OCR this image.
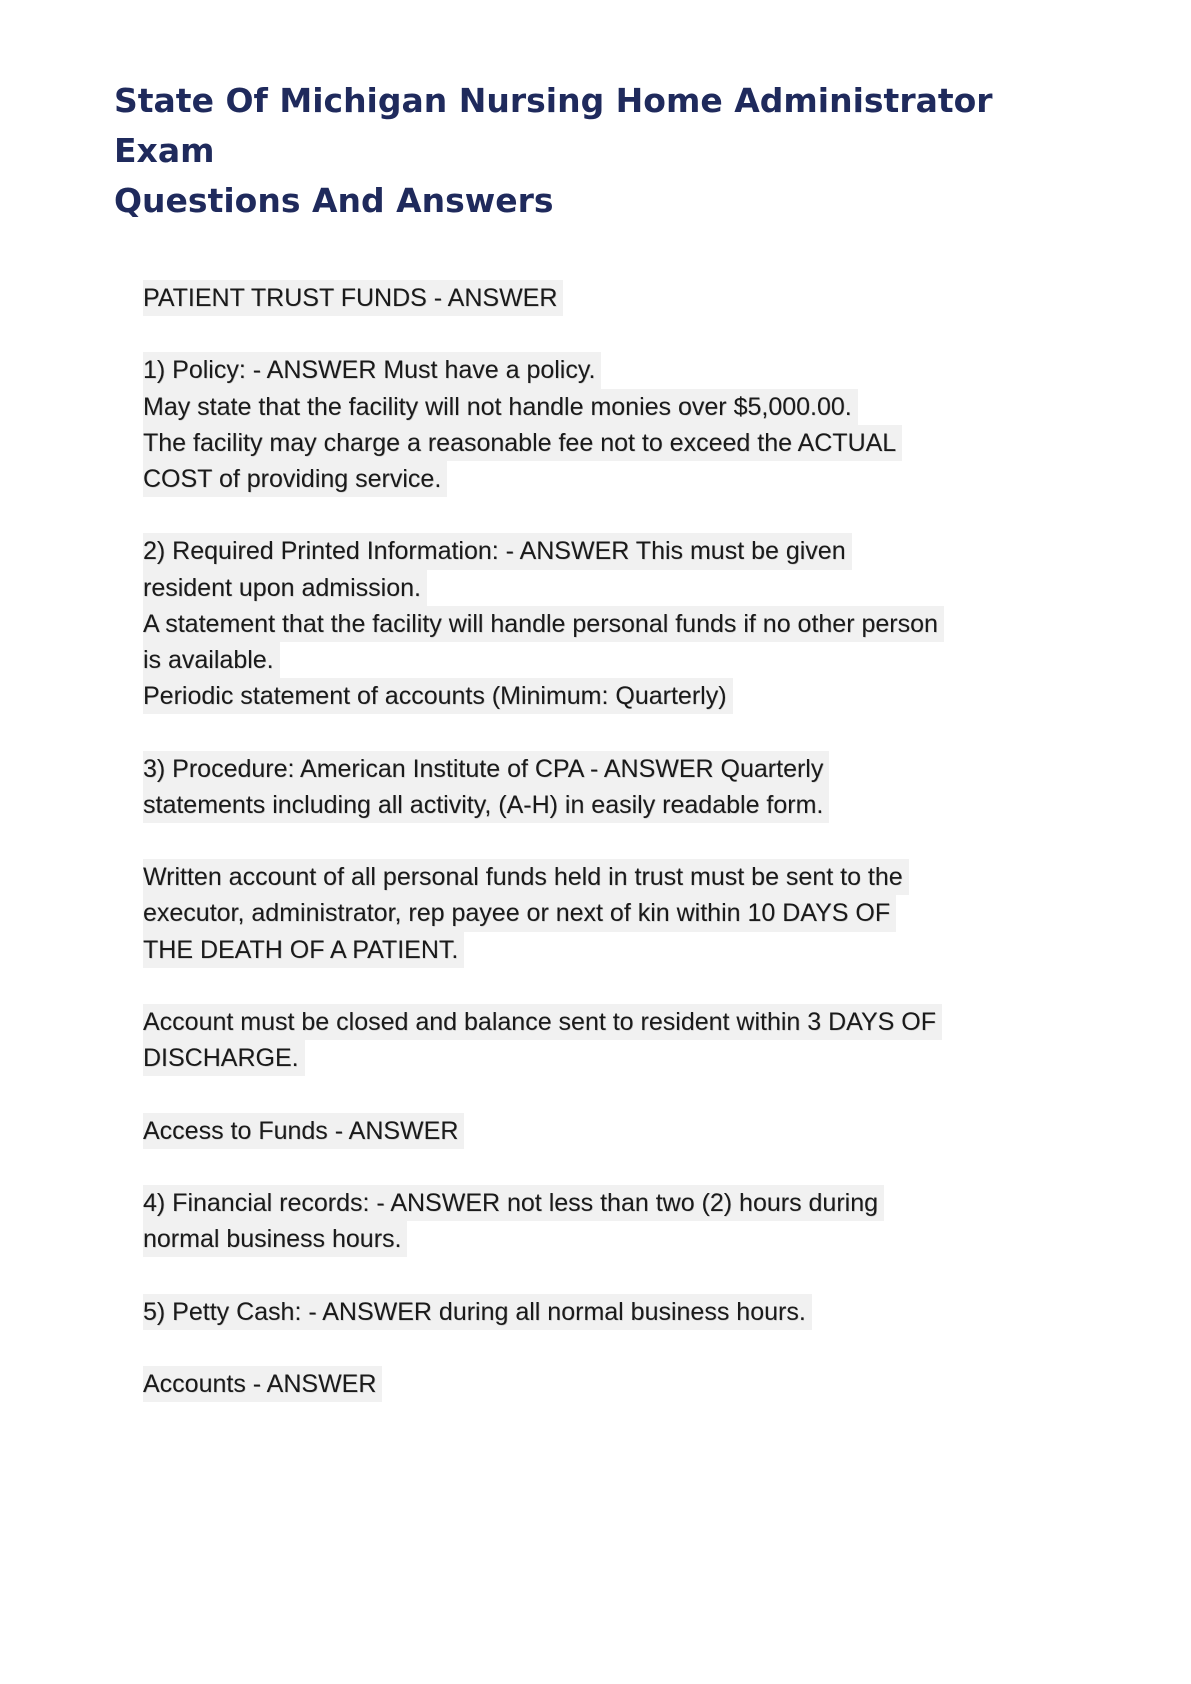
State Of Michigan Nursing Home Administrator Exam
Questions And Answers
PATIENT TRUST FUNDS - ANSWER
1) Policy: - ANSWER Must have a policy.
May state that the facility will not handle monies over $5,000.00.
The facility may charge a reasonable fee not to exceed the ACTUAL
COST of providing service.
2) Required Printed Information: - ANSWER This must be given
resident upon admission.
A statement that the facility will handle personal funds if no other person
is available.
Periodic statement of accounts (Minimum: Quarterly)
3) Procedure: American Institute of CPA - ANSWER Quarterly
statements including all activity, (A-H) in easily readable form.
Written account of all personal funds held in trust must be sent to the
executor, administrator, rep payee or next of kin within 10 DAYS OF
THE DEATH OF A PATIENT.
Account must be closed and balance sent to resident within 3 DAYS OF
DISCHARGE.
Access to Funds - ANSWER
4) Financial records: - ANSWER not less than two (2) hours during
normal business hours.
5) Petty Cash: - ANSWER during all normal business hours.
Accounts - ANSWER
